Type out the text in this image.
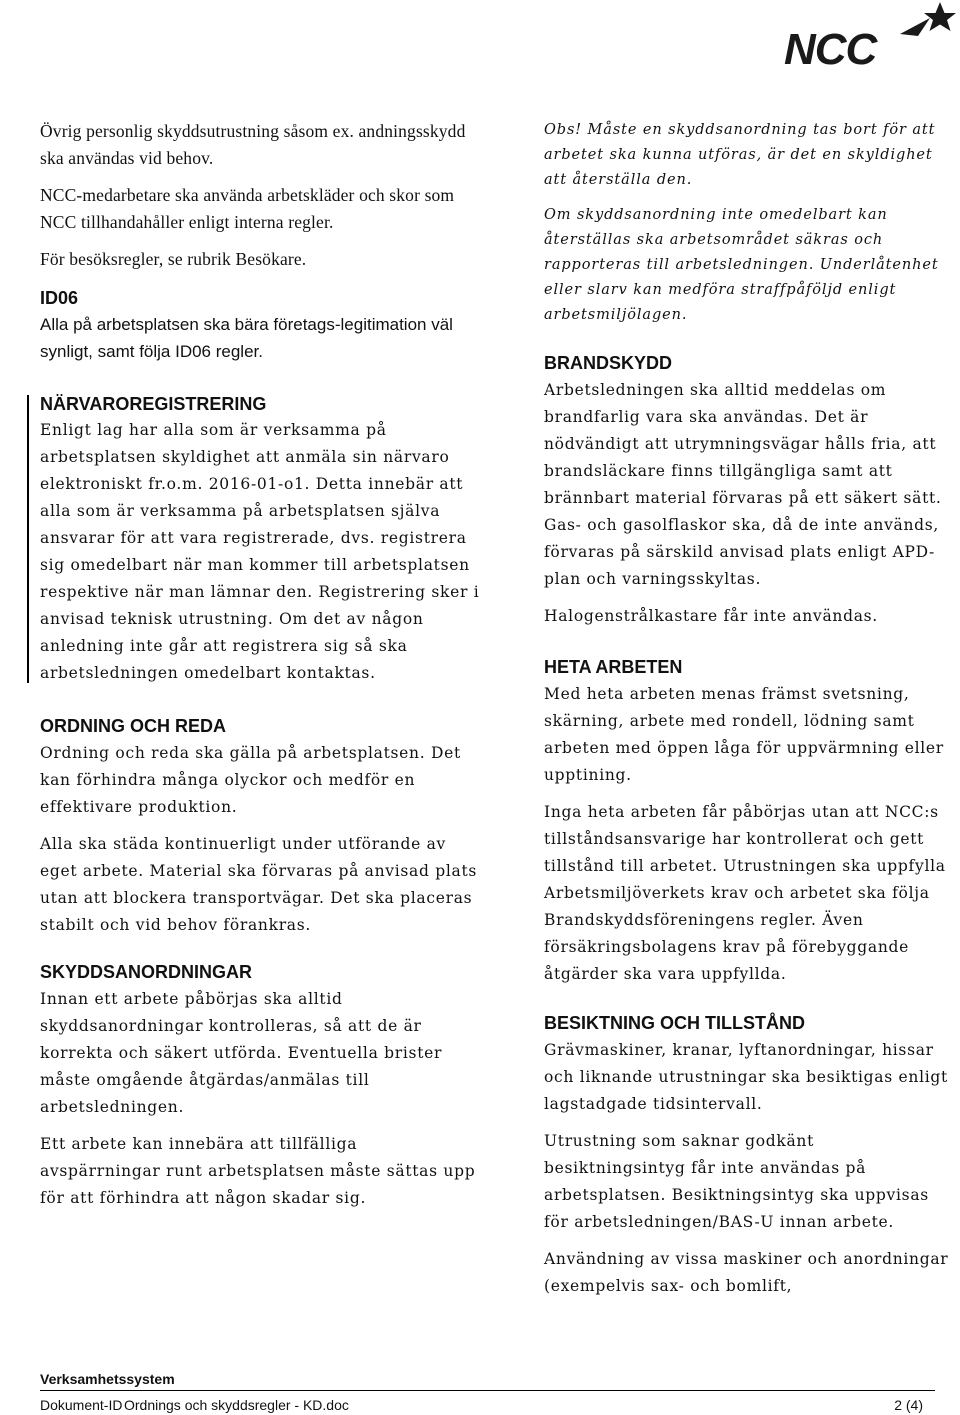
NCC

Övrig personlig skyddsutrustning såsom ex. andningsskydd ska användas vid behov.

NCC-medarbetare ska använda arbetskläder och skor som NCC tillhandahåller enligt interna regler.

För besöksregler, se rubrik Besökare.

ID06

Alla på arbetsplatsen ska bära företags-legitimation väl synligt, samt följa ID06 regler.

NÄRVAROREGISTRERING

Enligt lag har alla som är verksamma på arbetsplatsen skyldighet att anmäla sin närvaro elektroniskt fr.o.m. 2016-01-o1. Detta innebär att alla som är verksamma på arbetsplatsen själva ansvarar för att vara registrerade, dvs. registrera sig omedelbart när man kommer till arbetsplatsen respektive när man lämnar den. Registrering sker i anvisad teknisk utrustning. Om det av någon anledning inte går att registrera sig så ska arbetsledningen omedelbart kontaktas.

ORDNING OCH REDA

Ordning och reda ska gälla på arbetsplatsen. Det kan förhindra många olyckor och medför en effektivare produktion.

Alla ska städa kontinuerligt under utförande av eget arbete. Material ska förvaras på anvisad plats utan att blockera transportvägar. Det ska placeras stabilt och vid behov förankras.

SKYDDSANORDNINGAR

Innan ett arbete påbörjas ska alltid skyddsanordningar kontrolleras, så att de är korrekta och säkert utförda. Eventuella brister måste omgående åtgärdas/anmälas till arbetsledningen.

Ett arbete kan innebära att tillfälliga avspärrningar runt arbetsplatsen måste sättas upp för att förhindra att någon skadar sig.

Obs! Måste en skyddsanordning tas bort för att arbetet ska kunna utföras, är det en skyldighet att återställa den.

Om skyddsanordning inte omedelbart kan återställas ska arbetsområdet säkras och rapporteras till arbetsledningen. Underlåtenhet eller slarv kan medföra straffpåföljd enligt arbetsmiljölagen.

BRANDSKYDD

Arbetsledningen ska alltid meddelas om brandfarlig vara ska användas. Det är nödvändigt att utrymningsvägar hålls fria, att brandsläckare finns tillgängliga samt att brännbart material förvaras på ett säkert sätt. Gas- och gasolflaskor ska, då de inte används, förvaras på särskild anvisad plats enligt APD-plan och varningsskyltas.

Halogenstrålkastare får inte användas.

HETA ARBETEN

Med heta arbeten menas främst svetsning, skärning, arbete med rondell, lödning samt arbeten med öppen låga för uppvärmning eller upptining.

Inga heta arbeten får påbörjas utan att NCC:s tillståndsansvarige har kontrollerat och gett tillstånd till arbetet. Utrustningen ska uppfylla Arbetsmiljöverkets krav och arbetet ska följa Brandskyddsföreningens regler. Även försäkringsbolagens krav på förebyggande åtgärder ska vara uppfyllda.

BESIKTNING OCH TILLSTÅND

Grävmaskiner, kranar, lyftanordningar, hissar och liknande utrustningar ska besiktigas enligt lagstadgade tidsintervall.

Utrustning som saknar godkänt besiktningsintyg får inte användas på arbetsplatsen. Besiktningsintyg ska uppvisas för arbetsledningen/BAS-U innan arbete.

Användning av vissa maskiner och anordningar (exempelvis sax- och bomlift,

Verksamhetssystem
Dokument-ID Ordnings och skyddsregler - KD.doc	2 (4)
